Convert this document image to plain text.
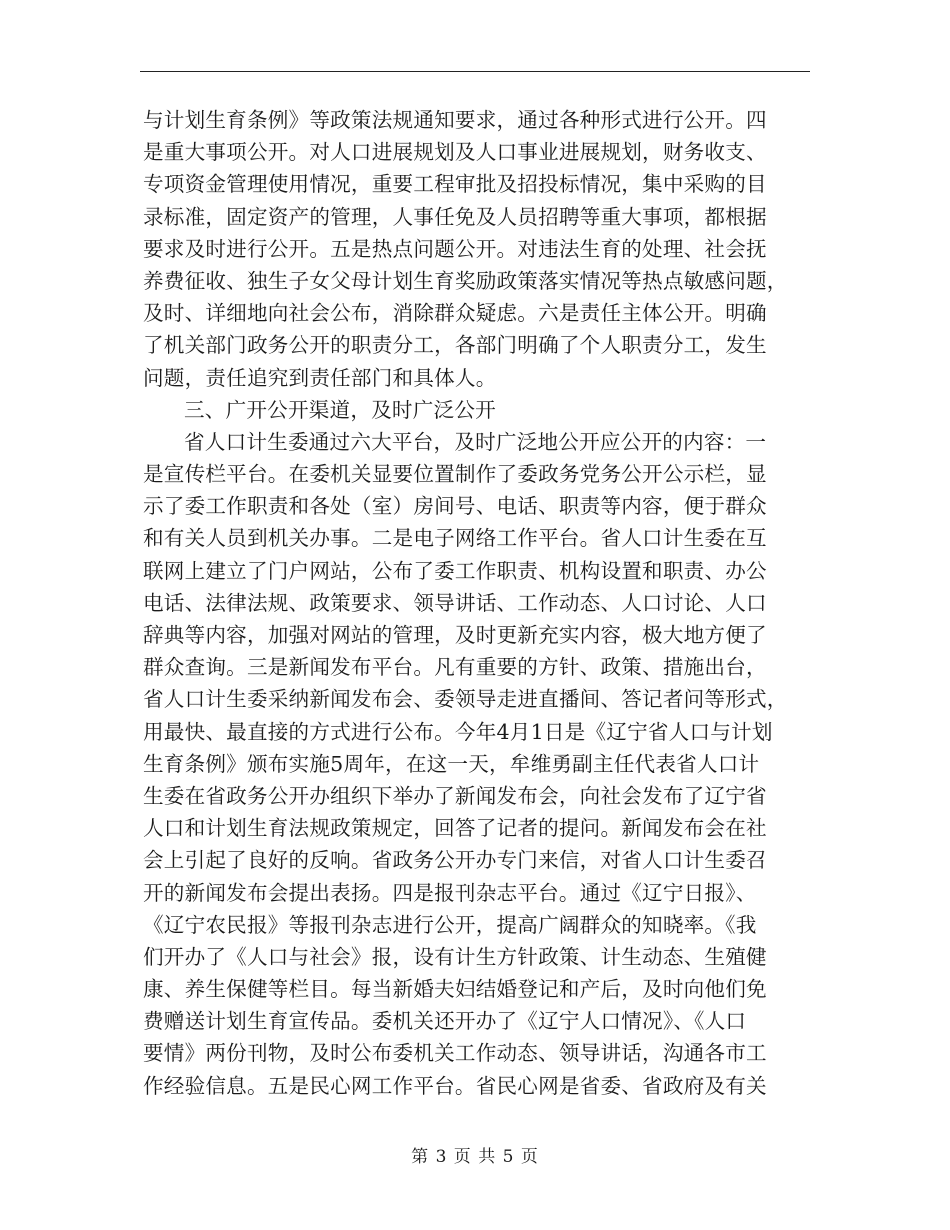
与计划生育条例》等政策法规通知要求，通过各种形式进行公开。四
是重大事项公开。对人口进展规划及人口事业进展规划，财务收支、
专项资金管理使用情况，重要工程审批及招投标情况，集中采购的目
录标准，固定资产的管理，人事任免及人员招聘等重大事项，都根据
要求及时进行公开。五是热点问题公开。对违法生育的处理、社会抚
养费征收、独生子女父母计划生育奖励政策落实情况等热点敏感问题，
及时、详细地向社会公布，消除群众疑虑。六是责任主体公开。明确
了机关部门政务公开的职责分工，各部门明确了个人职责分工，发生
问题，责任追究到责任部门和具体人。
三、广开公开渠道，及时广泛公开
省人口计生委通过六大平台，及时广泛地公开应公开的内容：一
是宣传栏平台。在委机关显要位置制作了委政务党务公开公示栏，显
示了委工作职责和各处（室）房间号、电话、职责等内容，便于群众
和有关人员到机关办事。二是电子网络工作平台。省人口计生委在互
联网上建立了门户网站，公布了委工作职责、机构设置和职责、办公
电话、法律法规、政策要求、领导讲话、工作动态、人口讨论、人口
辞典等内容，加强对网站的管理，及时更新充实内容，极大地方便了
群众查询。三是新闻发布平台。凡有重要的方针、政策、措施出台，
省人口计生委采纳新闻发布会、委领导走进直播间、答记者问等形式，
用最快、最直接的方式进行公布。今年4月1日是《辽宁省人口与计划
生育条例》颁布实施5周年，在这一天，牟维勇副主任代表省人口计
生委在省政务公开办组织下举办了新闻发布会，向社会发布了辽宁省
人口和计划生育法规政策规定，回答了记者的提问。新闻发布会在社
会上引起了良好的反响。省政务公开办专门来信，对省人口计生委召
开的新闻发布会提出表扬。四是报刊杂志平台。通过《辽宁日报》、
《辽宁农民报》等报刊杂志进行公开，提高广阔群众的知晓率。《我
们开办了《人口与社会》报，设有计生方针政策、计生动态、生殖健
康、养生保健等栏目。每当新婚夫妇结婚登记和产后，及时向他们免
费赠送计划生育宣传品。委机关还开办了《辽宁人口情况》、《人口
要情》两份刊物，及时公布委机关工作动态、领导讲话，沟通各市工
作经验信息。五是民心网工作平台。省民心网是省委、省政府及有关
第 3 页 共 5 页
